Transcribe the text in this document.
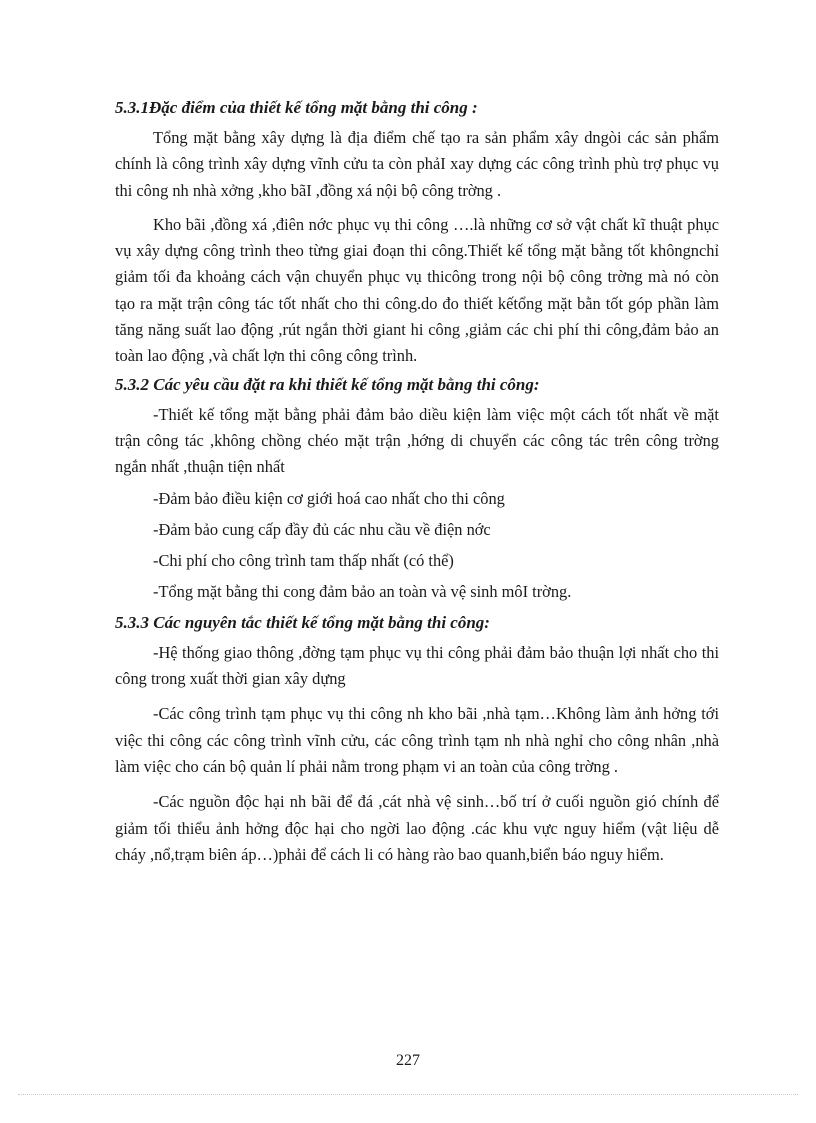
5.3.1Đặc điểm của thiết kế tổng mặt bằng thi công :

Tổng mặt bằng xây dựng là địa điểm chế tạo ra sản phẩm xây dngòi các sản phẩm chính là công trình xây dựng vĩnh cửu ta còn phảI xay dựng các công trình phù trợ phục vụ thi công nh nhà xởng ,kho bãI ,đồng xá nội bộ công trờng .

Kho bãi ,đồng xá ,điên nớc phục vụ thi công ….là những cơ sở vật chất kĩ thuật phục vụ xây dựng công trình theo từng giai đoạn thi công.Thiết kế tổng mặt bằng tốt khôngnchỉ giảm tối đa khoảng cách vận chuyển phục vụ thicông trong nội bộ công trờng mà nó còn tạo ra mặt trận công tác tốt nhất cho thi công.do đo thiết kếtổng mặt bằn tốt góp phần làm tăng năng suất lao động ,rút ngắn thời giant hi công ,giảm các chi phí thi công,đảm bảo an toàn lao động ,và chất lợn thi công công trình.

5.3.2 Các yêu cầu đặt ra khi thiết kế tổng mặt bằng thi công:

-Thiết kế tổng mặt bằng phải đảm bảo diều kiện làm việc một cách tốt nhất về mặt trận công tác ,không chồng chéo mặt trận ,hớng di chuyển các công tác trên công trờng ngắn nhất ,thuận tiện nhất

-Đảm bảo điều kiện cơ giới hoá cao nhất cho thi công

-Đảm bảo cung cấp đầy đủ các nhu cầu về điện nớc

-Chi phí cho công trình tam thấp nhất (có thể)

-Tổng mặt bằng thi cong đảm bảo an toàn và vệ sinh môI trờng.

5.3.3 Các nguyên tắc thiết kế tổng mặt bằng thi công:

-Hệ thống giao thông ,đờng tạm phục vụ thi công phải đảm bảo thuận lợi nhất cho thi công trong xuất thời gian xây dựng

-Các công trình tạm phục vụ thi công nh kho bãi ,nhà tạm…Không làm ảnh hởng tới việc thi công các công trình vĩnh cửu, các công trình tạm nh nhà nghỉ cho công nhân ,nhà làm việc cho cán bộ quản lí phải nằm trong phạm vi an toàn của công trờng .

-Các nguồn độc hại nh bãi để đá ,cát nhà vệ sinh…bố trí ở cuối nguồn gió chính để giảm tối thiểu ảnh hởng độc hại cho ngời lao động .các khu vực nguy hiểm (vật liệu dễ cháy ,nổ,trạm biên áp…)phải để cách li có hàng rào bao quanh,biển báo nguy hiểm.

227
